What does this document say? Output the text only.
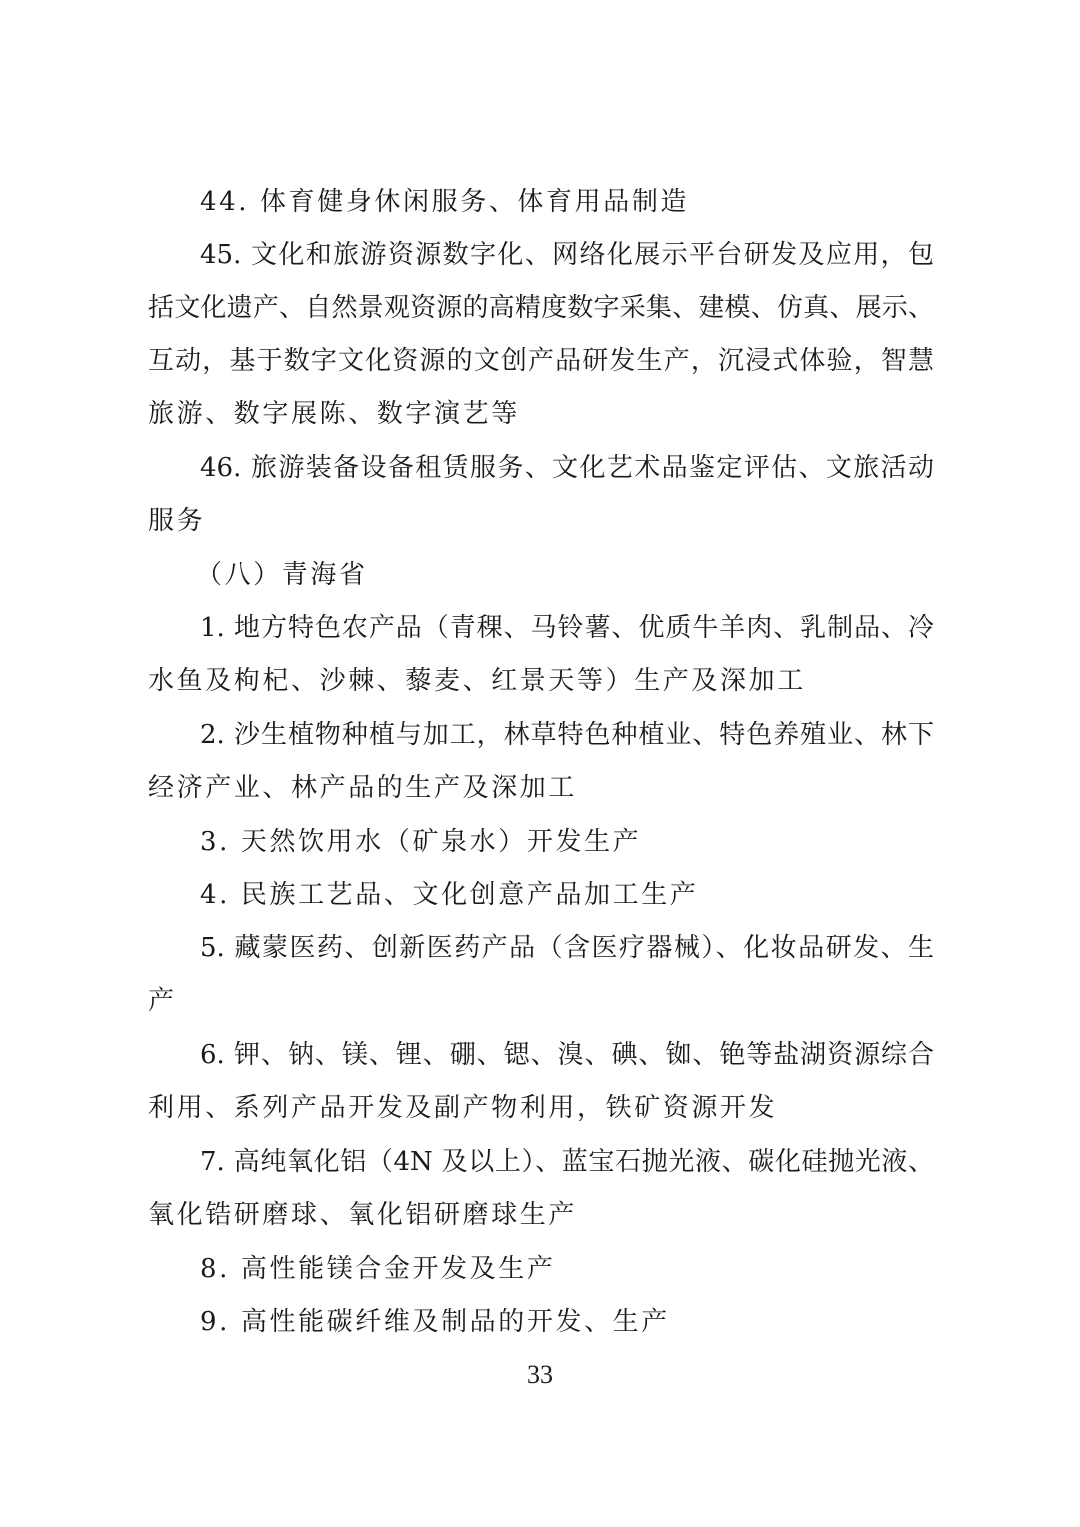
44. 体育健身休闲服务、体育用品制造
45. 文化和旅游资源数字化、网络化展示平台研发及应用，包
括文化遗产、自然景观资源的高精度数字采集、建模、仿真、展示、
互动，基于数字文化资源的文创产品研发生产，沉浸式体验，智慧
旅游、数字展陈、数字演艺等
46. 旅游装备设备租赁服务、文化艺术品鉴定评估、文旅活动
服务
（八）青海省
1. 地方特色农产品（青稞、马铃薯、优质牛羊肉、乳制品、冷
水鱼及枸杞、沙棘、藜麦、红景天等）生产及深加工
2. 沙生植物种植与加工，林草特色种植业、特色养殖业、林下
经济产业、林产品的生产及深加工
3. 天然饮用水（矿泉水）开发生产
4. 民族工艺品、文化创意产品加工生产
5. 藏蒙医药、创新医药产品（含医疗器械）、化妆品研发、生
产
6. 钾、钠、镁、锂、硼、锶、溴、碘、铷、铯等盐湖资源综合
利用、系列产品开发及副产物利用，铁矿资源开发
7. 高纯氧化铝（4N 及以上）、蓝宝石抛光液、碳化硅抛光液、
氧化锆研磨球、氧化铝研磨球生产
8. 高性能镁合金开发及生产
9. 高性能碳纤维及制品的开发、生产
33
